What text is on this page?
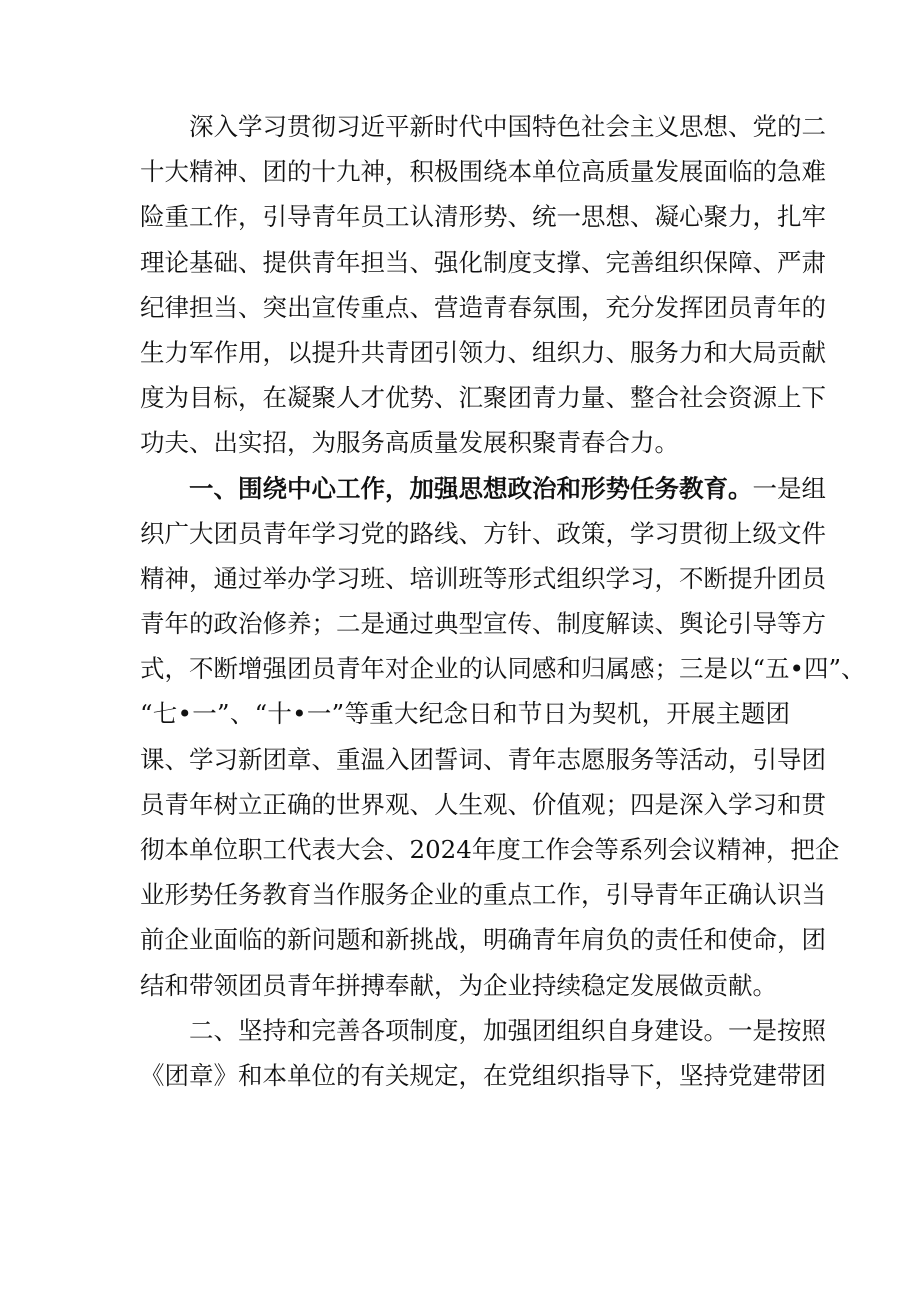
深入学习贯彻习近平新时代中国特色社会主义思想、党的二
十大精神、团的十九神，积极围绕本单位高质量发展面临的急难
险重工作，引导青年员工认清形势、统一思想、凝心聚力，扎牢
理论基础、提供青年担当、强化制度支撑、完善组织保障、严肃
纪律担当、突出宣传重点、营造青春氛围，充分发挥团员青年的
生力军作用，以提升共青团引领力、组织力、服务力和大局贡献
度为目标，在凝聚人才优势、汇聚团青力量、整合社会资源上下
功夫、出实招，为服务高质量发展积聚青春合力。
一、围绕中心工作，加强思想政治和形势任务教育。一是组
织广大团员青年学习党的路线、方针、政策，学习贯彻上级文件
精神，通过举办学习班、培训班等形式组织学习，不断提升团员
青年的政治修养；二是通过典型宣传、制度解读、舆论引导等方
式，不断增强团员青年对企业的认同感和归属感；三是以“五•四”、
“七•一”、“十•一”等重大纪念日和节日为契机，开展主题团
课、学习新团章、重温入团誓词、青年志愿服务等活动，引导团
员青年树立正确的世界观、人生观、价值观；四是深入学习和贯
彻本单位职工代表大会、2024年度工作会等系列会议精神，把企
业形势任务教育当作服务企业的重点工作，引导青年正确认识当
前企业面临的新问题和新挑战，明确青年肩负的责任和使命，团
结和带领团员青年拼搏奉献，为企业持续稳定发展做贡献。
二、坚持和完善各项制度，加强团组织自身建设。一是按照
《团章》和本单位的有关规定，在党组织指导下，坚持党建带团
